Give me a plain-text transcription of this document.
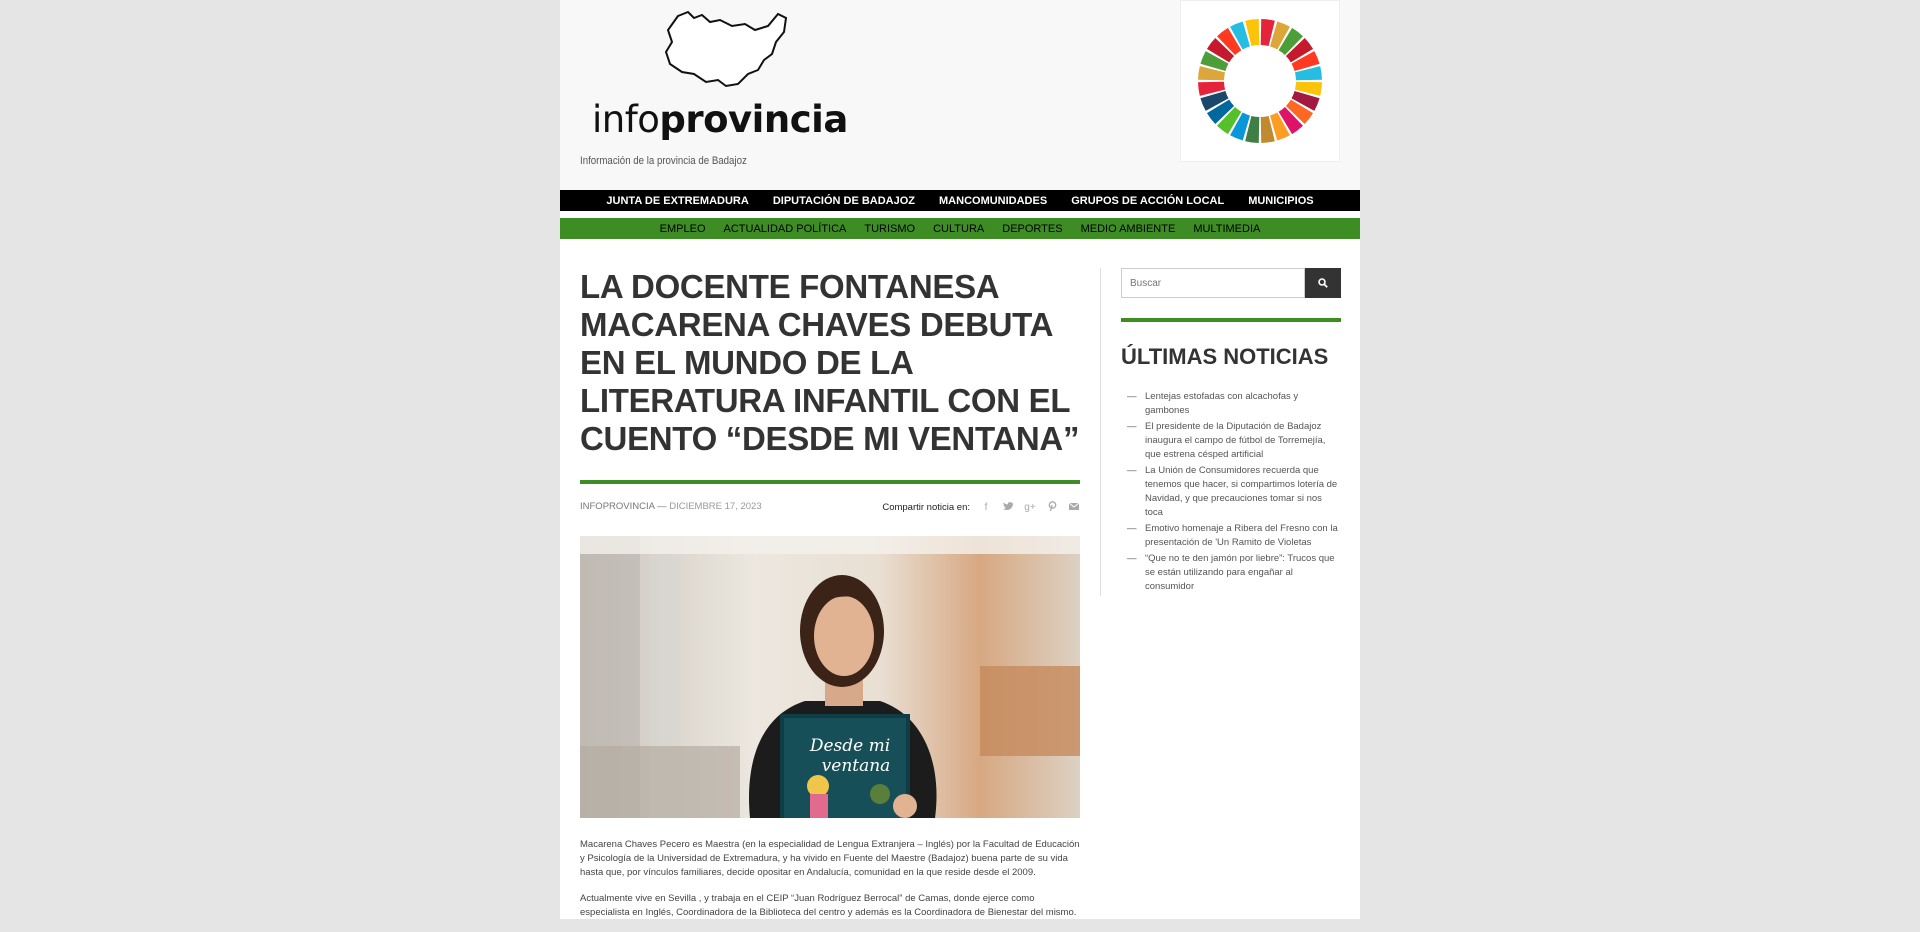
infoprovincia
Información de la provincia de Badajoz
JUNTA DE EXTREMADURA	DIPUTACIÓN DE BADAJOZ	MANCOMUNIDADES	GRUPOS DE ACCIÓN LOCAL	MUNICIPIOS
EMPLEO	ACTUALIDAD POLÍTICA	TURISMO	CULTURA	DEPORTES	MEDIO AMBIENTE	MULTIMEDIA
LA DOCENTE FONTANESA MACARENA CHAVES DEBUTA EN EL MUNDO DE LA LITERATURA INFANTIL CON EL CUENTO “DESDE MI VENTANA”
INFOPROVINCIA — DICIEMBRE 17, 2023	Compartir noticia en:	f	g+
Desde mi
ventana

Macarena Chaves Pecero es Maestra (en la especialidad de Lengua Extranjera – Inglés) por la Facultad de Educación y Psicología de la Universidad de Extremadura, y ha vivido en Fuente del Maestre (Badajoz) buena parte de su vida hasta que, por vínculos familiares, decide opositar en Andalucía, comunidad en la que reside desde el 2009.

Actualmente vive en Sevilla , y trabaja en el CEIP “Juan Rodríguez Berrocal” de Camas, donde ejerce como especialista en Inglés, Coordinadora de la Biblioteca del centro y además es la Coordinadora de Bienestar del mismo.

Buscar
ÚLTIMAS NOTICIAS
— Lentejas estofadas con alcachofas y gambones
— El presidente de la Diputación de Badajoz inaugura el campo de fútbol de Torremejía, que estrena césped artificial
— La Unión de Consumidores recuerda que tenemos que hacer, si compartimos lotería de Navidad, y que precauciones tomar si nos toca
— Emotivo homenaje a Ribera del Fresno con la presentación de 'Un Ramito de Violetas
— “Que no te den jamón por liebre”: Trucos que se están utilizando para engañar al consumidor
